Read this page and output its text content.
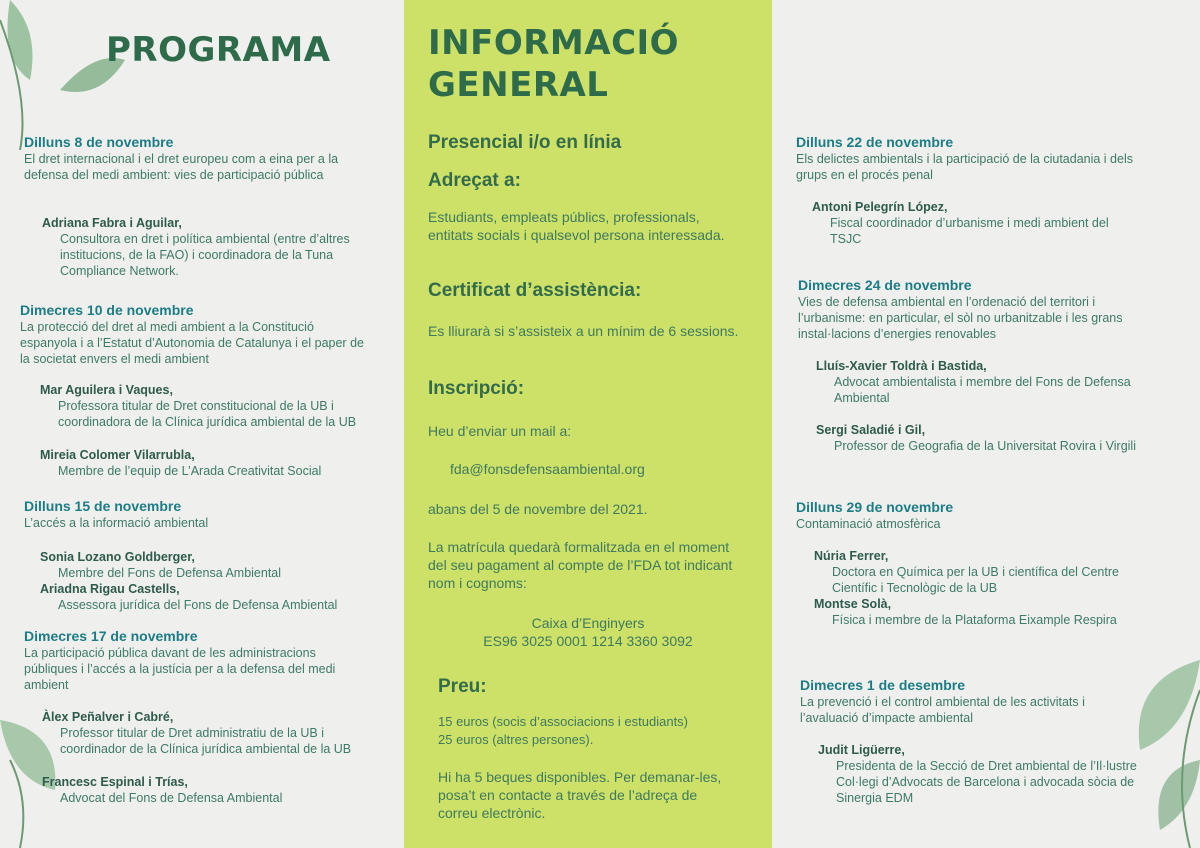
PROGRAMA
Dilluns 8 de novembre
El dret internacional i el dret europeu com a eina per a la defensa del medi ambient: vies de participació pública
Adriana Fabra i Aguilar,
Consultora en dret i política ambiental (entre d’altres institucions, de la FAO) i coordinadora de la Tuna Compliance Network.
Dimecres 10 de novembre
La protecció del dret al medi ambient a la Constitució espanyola i a l’Estatut d’Autonomia de Catalunya i el paper de la societat envers el medi ambient
Mar Aguilera i Vaques,
Professora titular de Dret constitucional de la UB i coordinadora de la Clínica jurídica ambiental de la UB
Mireia Colomer Vilarrubla,
Membre de l’equip de L’Arada Creativitat Social
Dilluns 15 de novembre
L’accés a la informació ambiental
Sonia Lozano Goldberger,
Membre del Fons de Defensa Ambiental
Ariadna Rigau Castells,
Assessora jurídica del Fons de Defensa Ambiental
Dimecres 17 de novembre
La participació pública davant de les administracions públiques i l’accés a la justícia per a la defensa del medi ambient
Àlex Peñalver i Cabré,
Professor titular de Dret administratiu de la UB i coordinador de la Clínica jurídica ambiental de la UB
Francesc Espinal i Trías,
Advocat del Fons de Defensa Ambiental
INFORMACIÓ
GENERAL
Presencial i/o en línia
Adreçat a:
Estudiants, empleats públics, professionals, entitats socials i qualsevol persona interessada.
Certificat d’assistència:
Es lliurarà si s’assisteix a un mínim de 6 sessions.
Inscripció:
Heu d’enviar un mail a:
fda@fonsdefensaambiental.org
abans del 5 de novembre del 2021.
La matrícula quedarà formalitzada en el moment del seu pagament al compte de l’FDA tot indicant nom i cognoms:
Caixa d’Enginyers
ES96 3025 0001 1214 3360 3092
Preu:
15 euros (socis d’associacions i estudiants)
25 euros (altres persones).
Hi ha 5 beques disponibles. Per demanar-les, posa’t en contacte a través de l’adreça de correu electrònic.
Dilluns 22 de novembre
Els delictes ambientals i la participació de la ciutadania i dels grups en el procés penal
Antoni Pelegrín López,
Fiscal coordinador d’urbanisme i medi ambient del TSJC
Dimecres 24 de novembre
Vies de defensa ambiental en l’ordenació del territori i l’urbanisme: en particular, el sòl no urbanitzable i les grans instal·lacions d’energies renovables
Lluís-Xavier Toldrà i Bastida,
Advocat ambientalista i membre del Fons de Defensa Ambiental
Sergi Saladié i Gil,
Professor de Geografia de la Universitat Rovira i Virgili
Dilluns 29 de novembre
Contaminació atmosfèrica
Núria Ferrer,
Doctora en Química per la UB i científica del Centre Científic i Tecnològic de la UB
Montse Solà,
Física i membre de la Plataforma Eixample Respira
Dimecres 1 de desembre
La prevenció i el control ambiental de les activitats i l’avaluació d’impacte ambiental
Judit Ligüerre,
Presidenta de la Secció de Dret ambiental de l’Il·lustre Col·legi d’Advocats de Barcelona i advocada sòcia de Sinergia EDM
